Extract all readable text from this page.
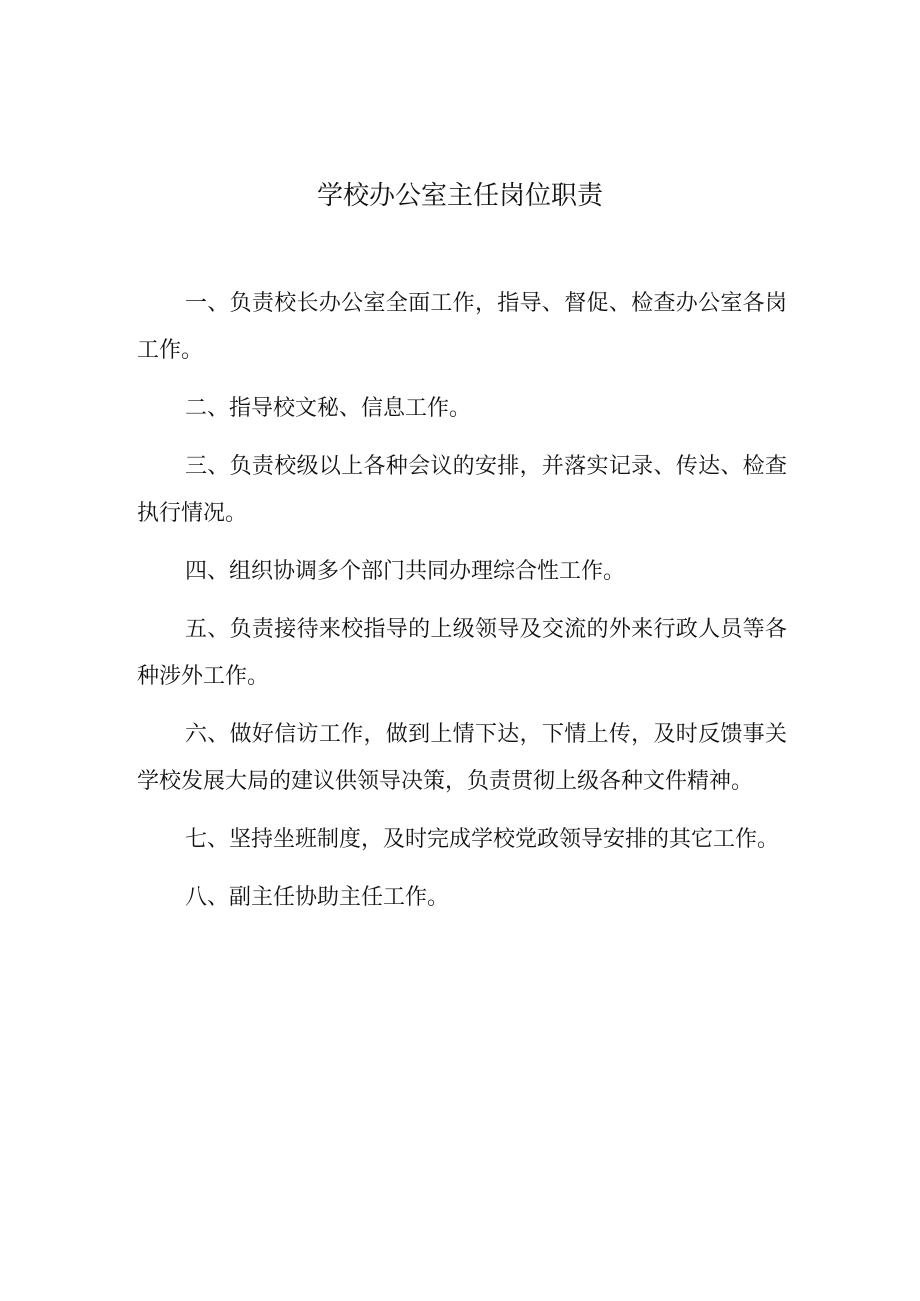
学校办公室主任岗位职责

一、负责校长办公室全面工作，指导、督促、检查办公室各岗工作。

二、指导校文秘、信息工作。

三、负责校级以上各种会议的安排，并落实记录、传达、检查执行情况。

四、组织协调多个部门共同办理综合性工作。

五、负责接待来校指导的上级领导及交流的外来行政人员等各种涉外工作。

六、做好信访工作，做到上情下达，下情上传，及时反馈事关学校发展大局的建议供领导决策，负责贯彻上级各种文件精神。

七、坚持坐班制度，及时完成学校党政领导安排的其它工作。

八、副主任协助主任工作。
